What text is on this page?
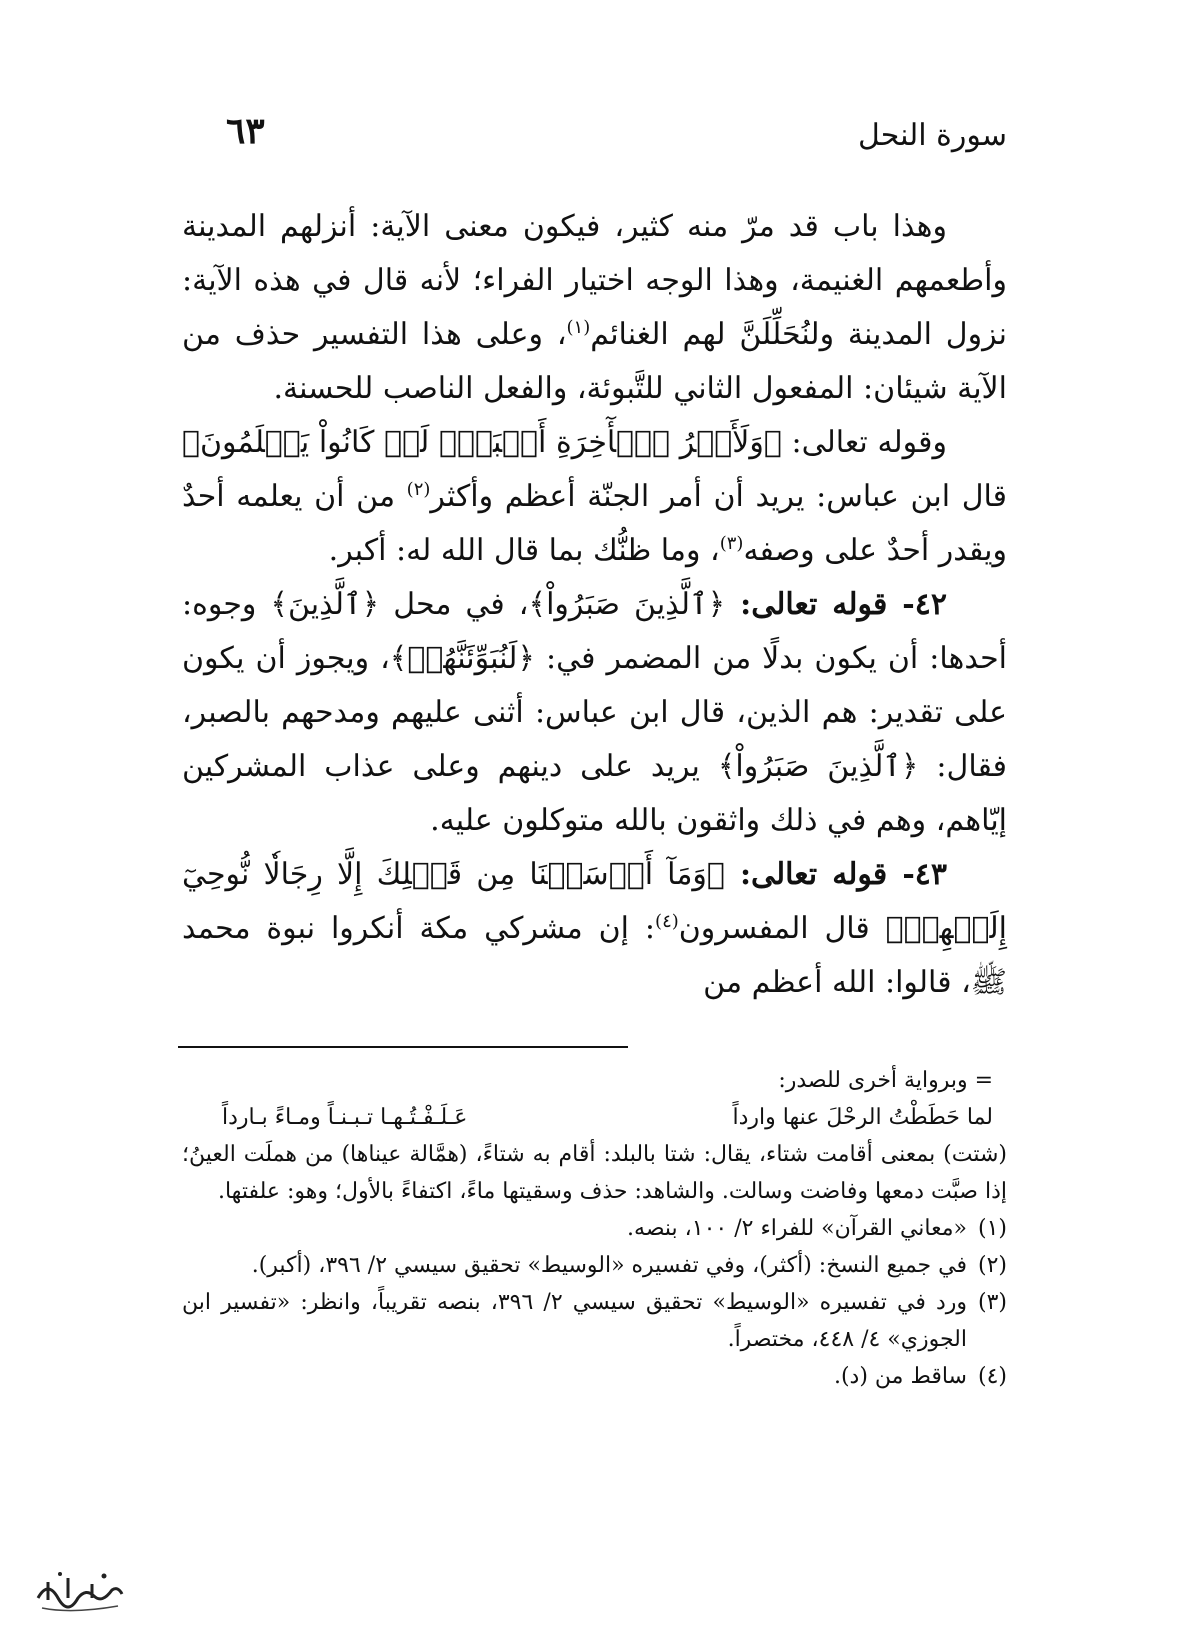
سورة النحل
٦٣

وهذا باب قد مرّ منه كثير، فيكون معنى الآية: أنزلهم المدينة وأطعمهم الغنيمة، وهذا الوجه اختيار الفراء؛ لأنه قال في هذه الآية: نزول المدينة ولنُحَلِّلَنَّ لهم الغنائم$^{(١)}$، وعلى هذا التفسير حذف من الآية شيئان: المفعول الثاني للتَّبوئة، والفعل الناصب للحسنة.

وقوله تعالى: ﴿وَلَأَجۡرُ ٱلۡأٓخِرَةِ أَكۡبَرُۚ لَوۡ كَانُواْ يَعۡلَمُونَ﴾ قال ابن عباس: يريد أن أمر الجنّة أعظم وأكثر$^{(٢)}$ من أن يعلمه أحدٌ ويقدر أحدٌ على وصفه$^{(٣)}$، وما ظنُّك بما قال الله له: أكبر.

٤٢- قوله تعالى: ﴿ٱلَّذِينَ صَبَرُواْ﴾، في محل ﴿ٱلَّذِينَ﴾ وجوه: أحدها: أن يكون بدلًا من المضمر في: ﴿لَنُبَوِّئَنَّهُمۡ﴾، ويجوز أن يكون على تقدير: هم الذين، قال ابن عباس: أثنى عليهم ومدحهم بالصبر، فقال: ﴿ٱلَّذِينَ صَبَرُواْ﴾ يريد على دينهم وعلى عذاب المشركين إيّاهم، وهم في ذلك واثقون بالله متوكلون عليه.

٤٣- قوله تعالى: ﴿وَمَآ أَرۡسَلۡنَا مِن قَبۡلِكَ إِلَّا رِجَالٗا نُّوحِيٓ إِلَيۡهِمۡ﴾ قال المفسرون$^{(٤)}$: إن مشركي مكة أنكروا نبوة محمد ﷺ، قالوا: الله أعظم من

= وبرواية أخرى للصدر:

لما حَطَطْتُ الرحْلَ عنها وارداً
عَـلَـفْـتُـهـا تـبـنـاً ومـاءً بـارداً

(شتت) بمعنى أقامت شتاء، يقال: شتا بالبلد: أقام به شتاءً، (همَّالة عيناها) من هملَت العينُ؛ إذا صبَّت دمعها وفاضت وسالت. والشاهد: حذف وسقيتها ماءً، اكتفاءً بالأول؛ وهو: علفتها.

(١)
«معاني القرآن» للفراء ٢/ ١٠٠، بنصه.
(٢)
في جميع النسخ: (أكثر)، وفي تفسيره «الوسيط» تحقيق سيسي ٢/ ٣٩٦، (أكبر).
(٣)
ورد في تفسيره «الوسيط» تحقيق سيسي ٢/ ٣٩٦، بنصه تقريباً، وانظر: «تفسير ابن الجوزي» ٤/ ٤٤٨، مختصراً.
(٤)
ساقط من (د).
